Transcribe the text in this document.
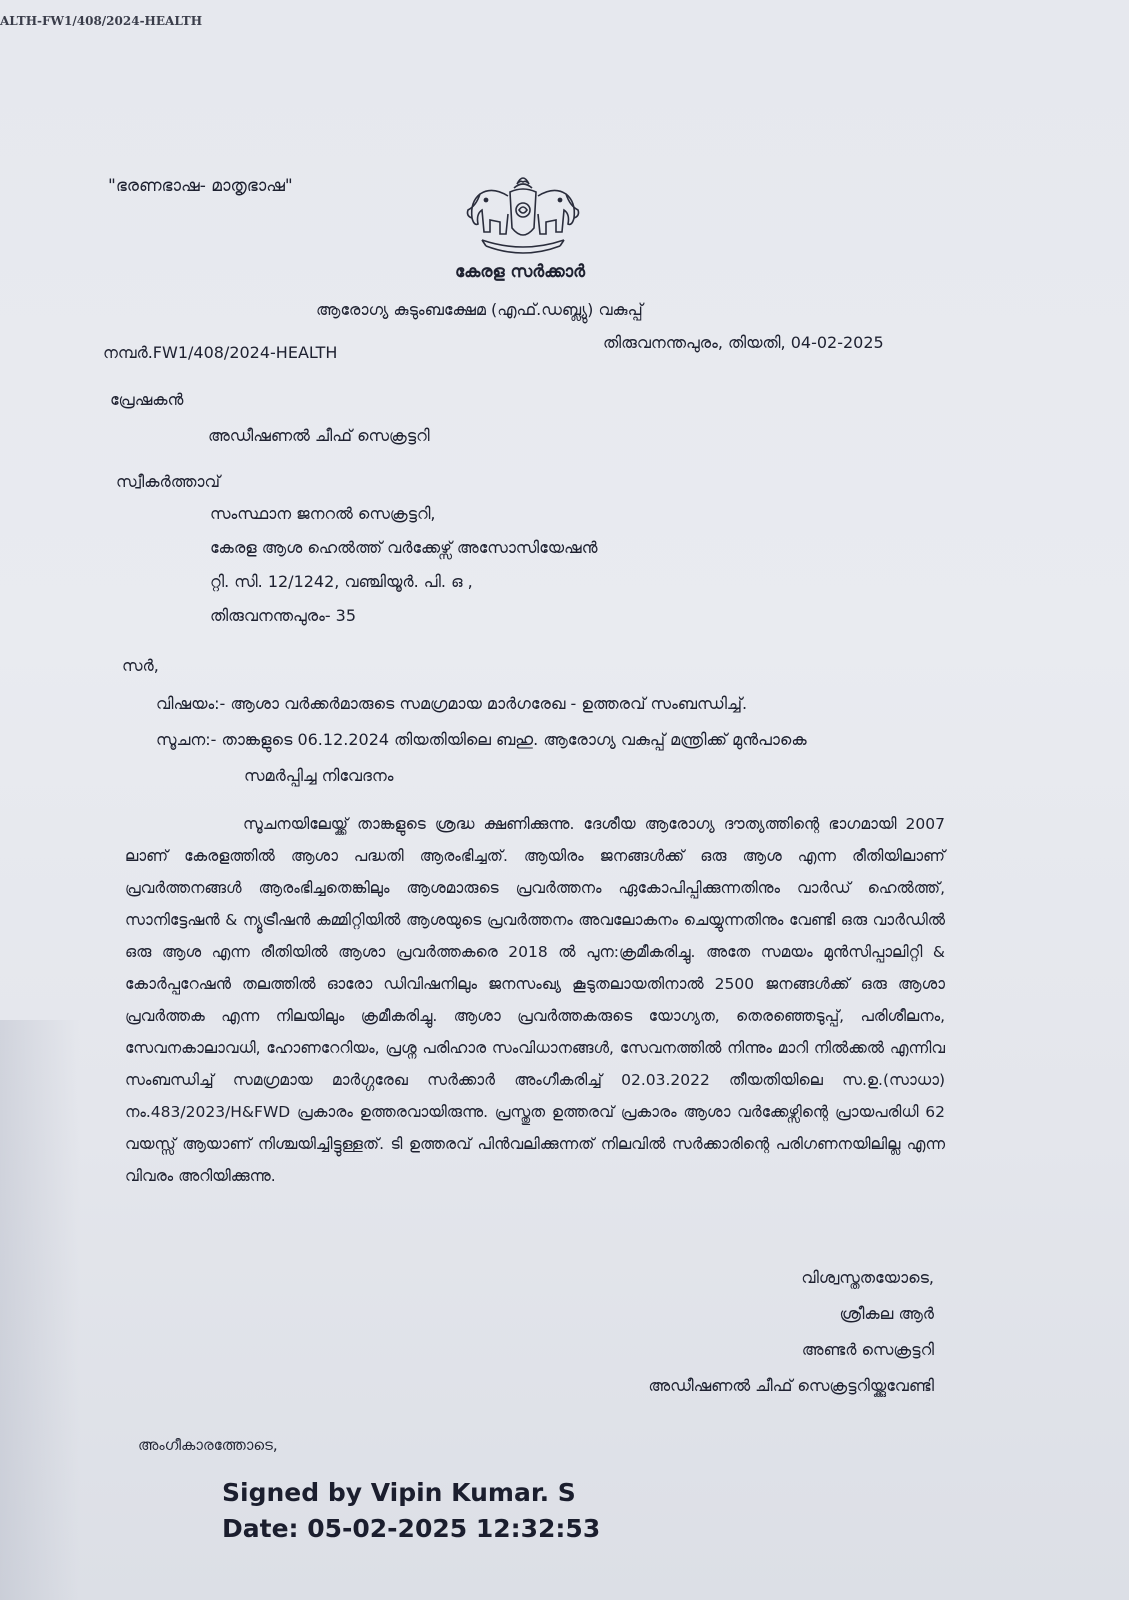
ALTH-FW1/408/2024-HEALTH
"ഭരണഭാഷ- മാതൃഭാഷ"
കേരള സർക്കാർ
ആരോഗ്യ കുടുംബക്ഷേമ (എഫ്.ഡബ്ല്യു) വകുപ്പ്
നമ്പർ.FW1/408/2024-HEALTH
തിരുവനന്തപുരം, തിയതി, 04-02-2025
പ്രേഷകൻ
അഡീഷണൽ ചീഫ് സെക്രട്ടറി
സ്വീകർത്താവ്
സംസ്ഥാന ജനറൽ സെക്രട്ടറി,
കേരള ആശ ഹെൽത്ത് വർക്കേഴ്സ് അസോസിയേഷൻ
റ്റി. സി. 12/1242, വഞ്ചിയൂർ. പി. ഒ ,
തിരുവനന്തപുരം- 35
സർ,
വിഷയം:- ആശാ വർക്കർമാരുടെ സമഗ്രമായ മാർഗരേഖ - ഉത്തരവ് സംബന്ധിച്ച്.
സൂചന:- താങ്കളുടെ 06.12.2024 തിയതിയിലെ ബഹു. ആരോഗ്യ വകുപ്പ് മന്ത്രിക്ക് മുൻപാകെ
സമർപ്പിച്ച നിവേദനം
സൂചനയിലേയ്ക്ക് താങ്കളുടെ ശ്രദ്ധ ക്ഷണിക്കുന്നു. ദേശീയ ആരോഗ്യ ദൗത്യത്തിന്റെ ഭാഗമായി 2007 ലാണ് കേരളത്തിൽ ആശാ പദ്ധതി ആരംഭിച്ചത്. ആയിരം ജനങ്ങൾക്ക് ഒരു ആശ എന്ന രീതിയിലാണ് പ്രവർത്തനങ്ങൾ ആരംഭിച്ചതെങ്കിലും ആശമാരുടെ പ്രവർത്തനം ഏകോപിപ്പിക്കുന്നതിനും വാർഡ് ഹെൽത്ത്, സാനിട്ടേഷൻ & ന്യൂട്രീഷൻ കമ്മിറ്റിയിൽ ആശയുടെ പ്രവർത്തനം അവലോകനം ചെയ്യുന്നതിനും വേണ്ടി ഒരു വാർഡിൽ ഒരു ആശ എന്ന രീതിയിൽ ആശാ പ്രവർത്തകരെ 2018 ൽ പുന:ക്രമീകരിച്ചു. അതേ സമയം മുൻസിപ്പാലിറ്റി & കോർപ്പറേഷൻ തലത്തിൽ ഓരോ ഡിവിഷനിലും ജനസംഖ്യ കൂടുതലായതിനാൽ 2500 ജനങ്ങൾക്ക് ഒരു ആശാ പ്രവർത്തക എന്ന നിലയിലും ക്രമീകരിച്ചു. ആശാ പ്രവർത്തകരുടെ യോഗ്യത, തെരഞ്ഞെടുപ്പ്, പരിശീലനം, സേവനകാലാവധി, ഹോണറേറിയം, പ്രശ്ന പരിഹാര സംവിധാനങ്ങൾ, സേവനത്തിൽ നിന്നും മാറി നിൽക്കൽ എന്നിവ സംബന്ധിച്ച് സമഗ്രമായ മാർഗ്ഗരേഖ സർക്കാർ അംഗീകരിച്ച് 02.03.2022 തീയതിയിലെ സ.ഉ.(സാധാ) നം.483/2023/H&FWD പ്രകാരം ഉത്തരവായിരുന്നു. പ്രസ്തുത ഉത്തരവ് പ്രകാരം ആശാ വർക്കേഴ്സിന്റെ പ്രായപരിധി 62 വയസ്സ് ആയാണ് നിശ്ചയിച്ചിട്ടുള്ളത്. ടി ഉത്തരവ് പിൻവലിക്കുന്നത് നിലവിൽ സർക്കാരിന്റെ പരിഗണനയിലില്ല എന്ന വിവരം അറിയിക്കുന്നു.
വിശ്വസ്തതയോടെ,
ശ്രീകല ആർ
അണ്ടർ സെക്രട്ടറി
അഡീഷണൽ ചീഫ് സെക്രട്ടറിയ്ക്കുവേണ്ടി
അംഗീകാരത്തോടെ,
Signed by Vipin Kumar. S
Date: 05-02-2025 12:32:53
